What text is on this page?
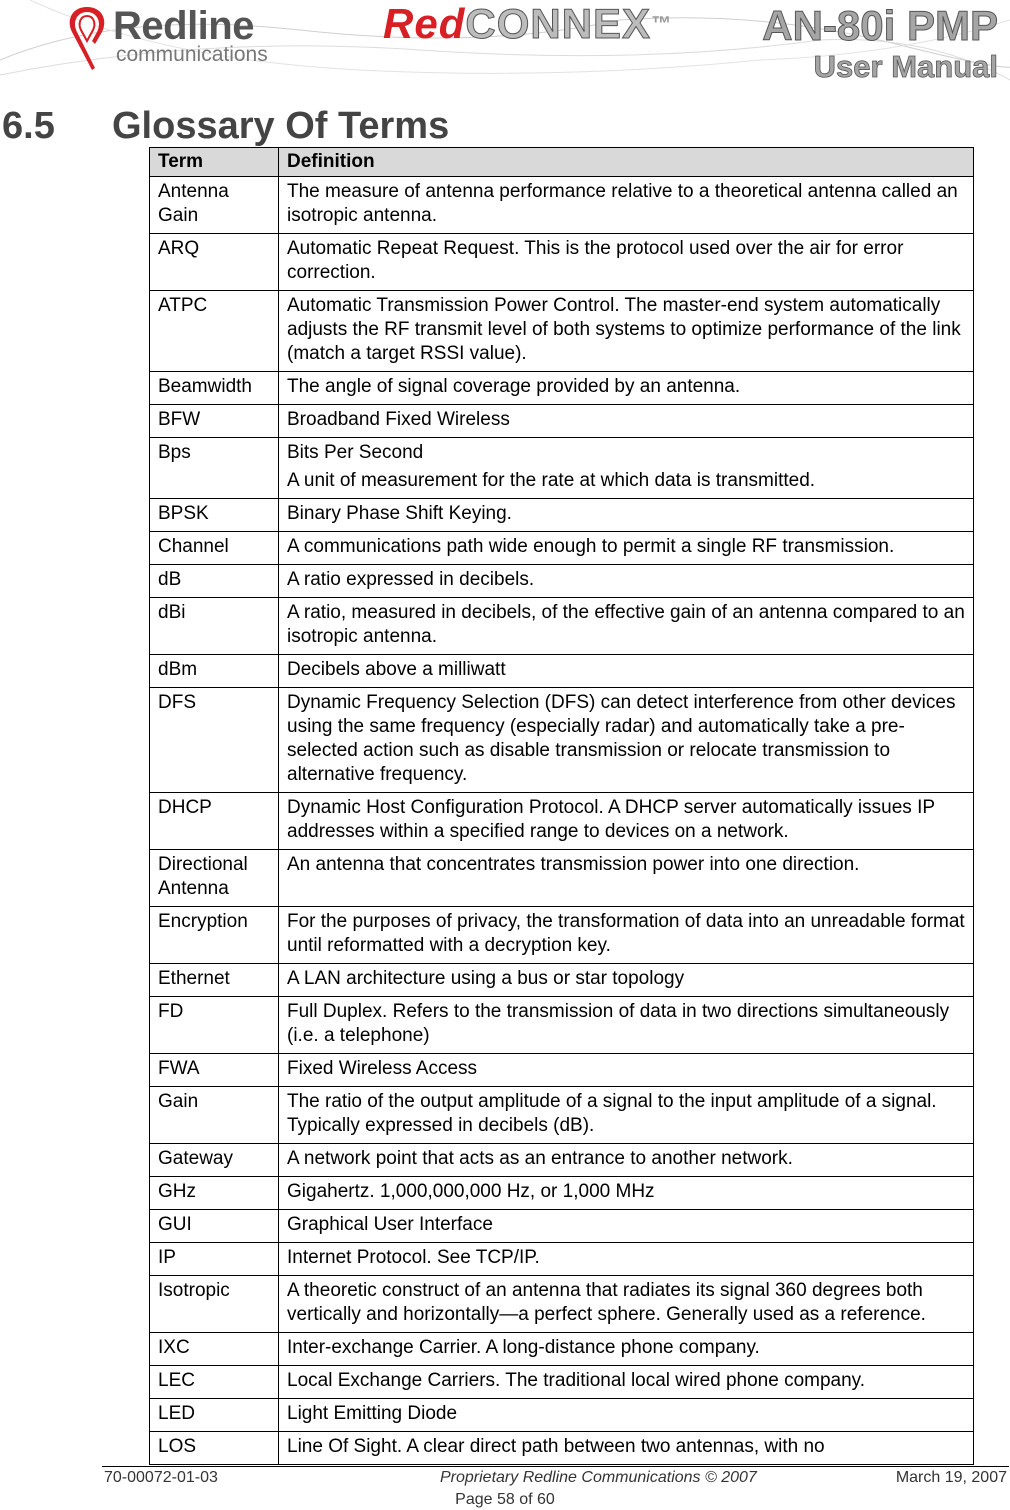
Redline
communications
RedCONNEX™ AN-80i PMP
User Manual
6.5 Glossary Of Terms
Term	Definition
Antenna Gain	The measure of antenna performance relative to a theoretical antenna called an isotropic antenna.
ARQ	Automatic Repeat Request. This is the protocol used over the air for error correction.
ATPC	Automatic Transmission Power Control. The master-end system automatically adjusts the RF transmit level of both systems to optimize performance of the link (match a target RSSI value).
Beamwidth	The angle of signal coverage provided by an antenna.
BFW	Broadband Fixed Wireless
Bps	Bits Per Second

A unit of measurement for the rate at which data is transmitted.

BPSK	Binary Phase Shift Keying.
Channel	A communications path wide enough to permit a single RF transmission.
dB	A ratio expressed in decibels.
dBi	A ratio, measured in decibels, of the effective gain of an antenna compared to an isotropic antenna.
dBm	Decibels above a milliwatt
DFS	Dynamic Frequency Selection (DFS) can detect interference from other devices using the same frequency (especially radar) and automatically take a pre-selected action such as disable transmission or relocate transmission to alternative frequency.
DHCP	Dynamic Host Configuration Protocol. A DHCP server automatically issues IP addresses within a specified range to devices on a network.
Directional Antenna	An antenna that concentrates transmission power into one direction.
Encryption	For the purposes of privacy, the transformation of data into an unreadable format until reformatted with a decryption key.
Ethernet	A LAN architecture using a bus or star topology
FD	Full Duplex. Refers to the transmission of data in two directions simultaneously (i.e. a telephone)
FWA	Fixed Wireless Access
Gain	The ratio of the output amplitude of a signal to the input amplitude of a signal. Typically expressed in decibels (dB).
Gateway	A network point that acts as an entrance to another network.
GHz	Gigahertz. 1,000,000,000 Hz, or 1,000 MHz
GUI	Graphical User Interface
IP	Internet Protocol. See TCP/IP.
Isotropic	A theoretic construct of an antenna that radiates its signal 360 degrees both vertically and horizontally—a perfect sphere. Generally used as a reference.
IXC	Inter-exchange Carrier. A long-distance phone company.
LEC	Local Exchange Carriers. The traditional local wired phone company.
LED	Light Emitting Diode
LOS	Line Of Sight. A clear direct path between two antennas, with no
70-00072-01-03	Proprietary Redline Communications © 2007	March 19, 2007
Page 58 of 60
